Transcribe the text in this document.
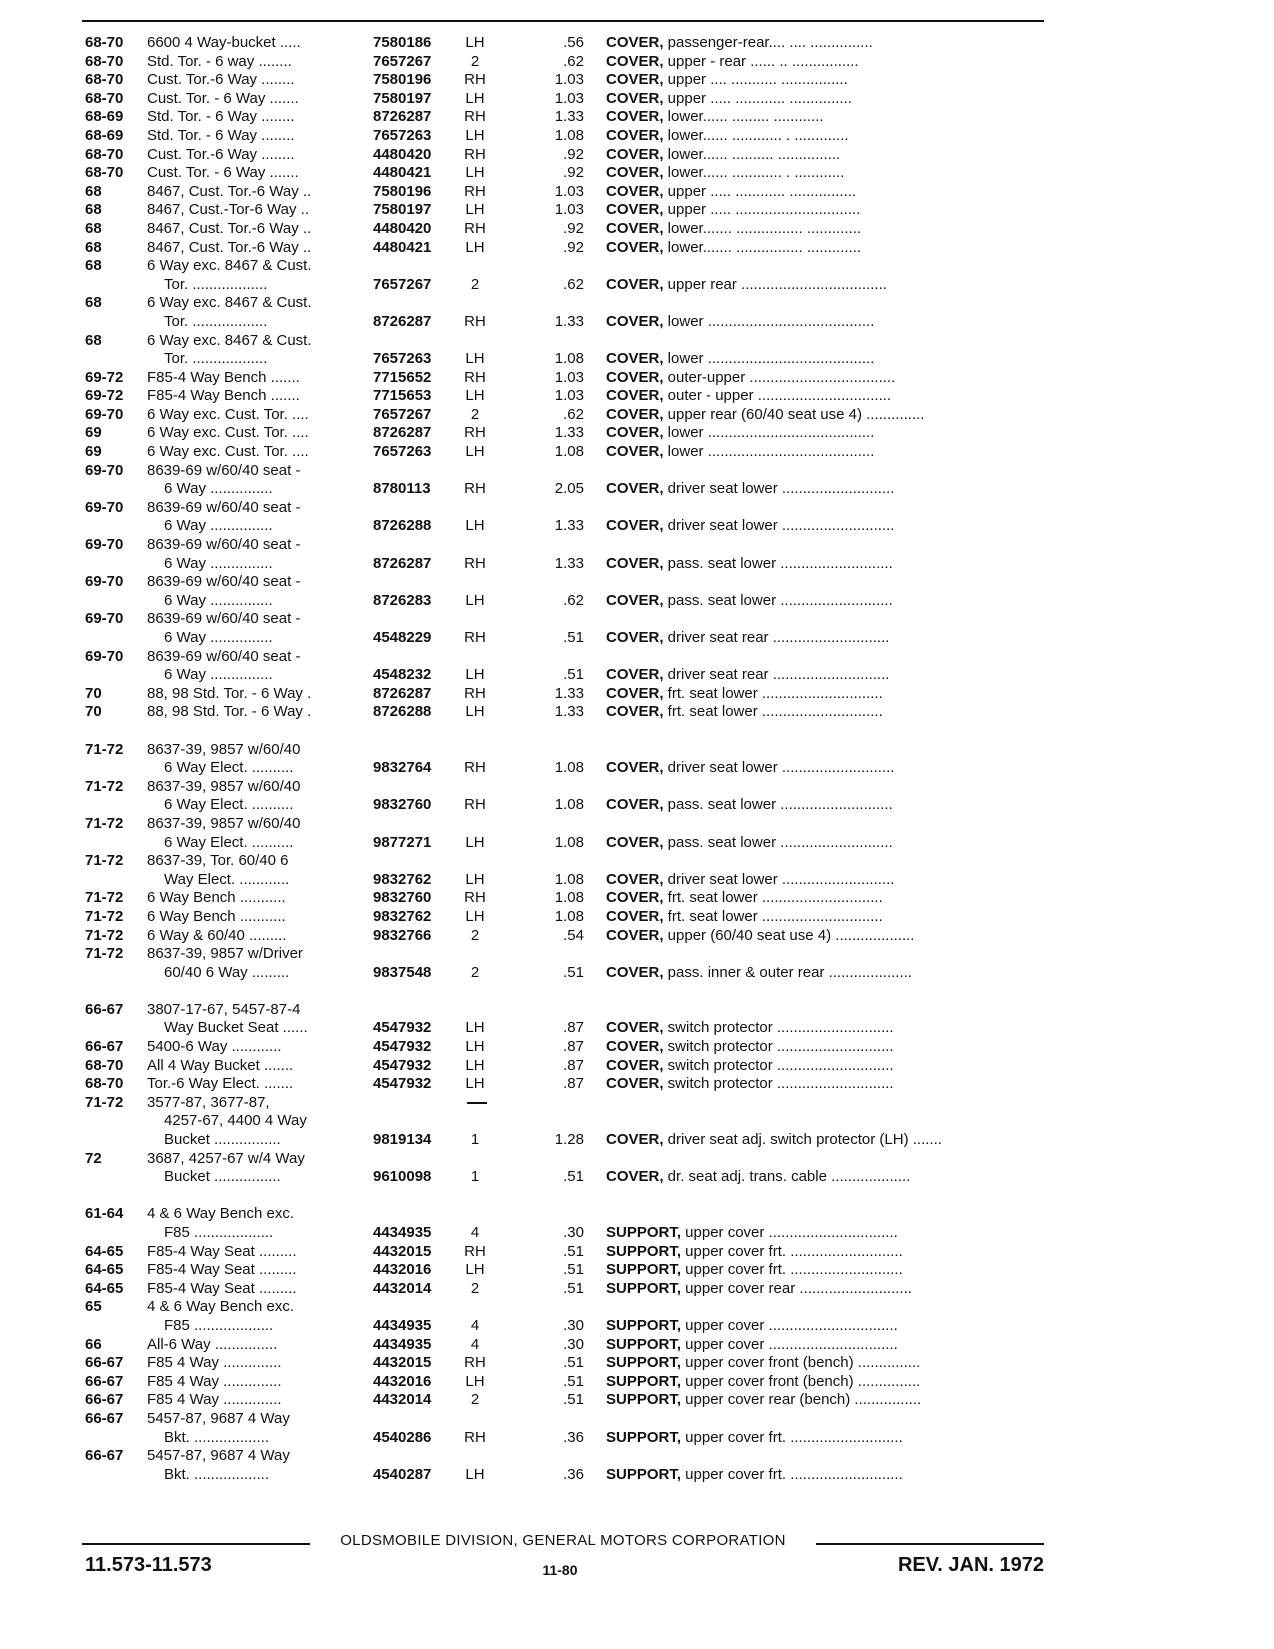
68-70	6600 4 Way-bucket .....	7580186	LH	.56 COVER, passenger-rear.... .... ...............
68-70	Std. Tor. - 6 way ........	7657267	2	.62 COVER, upper - rear ...... .. ................
68-70	Cust. Tor.-6 Way ........	7580196	RH	1.03 COVER, upper .... ........... ................
68-70	Cust. Tor. - 6 Way .......	7580197	LH	1.03 COVER, upper ..... ............ ...............
68-69	Std. Tor. - 6 Way ........	8726287	RH	1.33 COVER, lower...... ......... ............
68-69	Std. Tor. - 6 Way ........	7657263	LH	1.08 COVER, lower...... ............ . .............
68-70	Cust. Tor.-6 Way ........	4480420	RH	.92 COVER, lower...... .......... ...............
68-70	Cust. Tor. - 6 Way .......	4480421	LH	.92 COVER, lower...... ............ . ............
68	8467, Cust. Tor.-6 Way ..	7580196	RH	1.03 COVER, upper ..... ............ ................
68	8467, Cust.-Tor-6 Way ..	7580197	LH	1.03 COVER, upper ..... ..............................
68	8467, Cust. Tor.-6 Way ..	4480420	RH	.92 COVER, lower....... ................ .............
68	8467, Cust. Tor.-6 Way ..	4480421	LH	.92 COVER, lower....... ................ .............
68	6 Way exc. 8467 & Cust.
Tor. ..................	7657267	2	.62 COVER, upper rear ...................................
68	6 Way exc. 8467 & Cust.
Tor. ..................	8726287	RH	1.33 COVER, lower ........................................
68	6 Way exc. 8467 & Cust.
Tor. ..................	7657263	LH	1.08 COVER, lower ........................................
69-72	F85-4 Way Bench .......	7715652	RH	1.03 COVER, outer-upper ...................................
69-72	F85-4 Way Bench .......	7715653	LH	1.03 COVER, outer - upper ................................
69-70	6 Way exc. Cust. Tor. ....	7657267	2	.62 COVER, upper rear (60/40 seat use 4) ..............
69	6 Way exc. Cust. Tor. ....	8726287	RH	1.33 COVER, lower ........................................
69	6 Way exc. Cust. Tor. ....	7657263	LH	1.08 COVER, lower ........................................
69-70	8639-69 w/60/40 seat -
6 Way ...............	8780113	RH	2.05 COVER, driver seat lower ...........................
69-70	8639-69 w/60/40 seat -
6 Way ...............	8726288	LH	1.33 COVER, driver seat lower ...........................
69-70	8639-69 w/60/40 seat -
6 Way ...............	8726287	RH	1.33 COVER, pass. seat lower ...........................
69-70	8639-69 w/60/40 seat -
6 Way ...............	8726283	LH	.62 COVER, pass. seat lower ...........................
69-70	8639-69 w/60/40 seat -
6 Way ...............	4548229	RH	.51 COVER, driver seat rear ............................
69-70	8639-69 w/60/40 seat -
6 Way ...............	4548232	LH	.51 COVER, driver seat rear ............................
70	88, 98 Std. Tor. - 6 Way .	8726287	RH	1.33 COVER, frt. seat lower .............................
70	88, 98 Std. Tor. - 6 Way .	8726288	LH	1.33 COVER, frt. seat lower .............................
71-72	8637-39, 9857 w/60/40
6 Way Elect. ..........	9832764	RH	1.08 COVER, driver seat lower ...........................
71-72	8637-39, 9857 w/60/40
6 Way Elect. ..........	9832760	RH	1.08 COVER, pass. seat lower ...........................
71-72	8637-39, 9857 w/60/40
6 Way Elect. ..........	9877271	LH	1.08 COVER, pass. seat lower ...........................
71-72	8637-39, Tor. 60/40 6
Way Elect. ............	9832762	LH	1.08 COVER, driver seat lower ...........................
71-72	6 Way Bench ...........	9832760	RH	1.08 COVER, frt. seat lower .............................
71-72	6 Way Bench ...........	9832762	LH	1.08 COVER, frt. seat lower .............................
71-72	6 Way & 60/40 .........	9832766	2	.54 COVER, upper (60/40 seat use 4) ...................
71-72	8637-39, 9857 w/Driver
60/40 6 Way .........	9837548	2	.51 COVER, pass. inner & outer rear ....................
66-67	3807-17-67, 5457-87-4
Way Bucket Seat ......	4547932	LH	.87 COVER, switch protector ............................
66-67	5400-6 Way ............	4547932	LH	.87 COVER, switch protector ............................
68-70	All 4 Way Bucket .......	4547932	LH	.87 COVER, switch protector ............................
68-70	Tor.-6 Way Elect. .......	4547932	LH	.87 COVER, switch protector ............................
71-72	3577-87, 3677-87,
4257-67, 4400 4 Way
Bucket ................	9819134	1	1.28 COVER, driver seat adj. switch protector (LH) .......
72	3687, 4257-67 w/4 Way
Bucket ................	9610098	1	.51 COVER, dr. seat adj. trans. cable ...................
61-64	4 & 6 Way Bench exc.
F85 ...................	4434935	4	.30 SUPPORT, upper cover ...............................
64-65	F85-4 Way Seat .........	4432015	RH	.51 SUPPORT, upper cover frt. ...........................
64-65	F85-4 Way Seat .........	4432016	LH	.51 SUPPORT, upper cover frt. ...........................
64-65	F85-4 Way Seat .........	4432014	2	.51 SUPPORT, upper cover rear ...........................
65	4 & 6 Way Bench exc.
F85 ...................	4434935	4	.30 SUPPORT, upper cover ...............................
66	All-6 Way ...............	4434935	4	.30 SUPPORT, upper cover ...............................
66-67	F85 4 Way ..............	4432015	RH	.51 SUPPORT, upper cover front (bench) ...............
66-67	F85 4 Way ..............	4432016	LH	.51 SUPPORT, upper cover front (bench) ...............
66-67	F85 4 Way ..............	4432014	2	.51 SUPPORT, upper cover rear (bench) ................
66-67	5457-87, 9687 4 Way
Bkt. ..................	4540286	RH	.36 SUPPORT, upper cover frt. ...........................
66-67	5457-87, 9687 4 Way
Bkt. ..................	4540287	LH	.36 SUPPORT, upper cover frt. ...........................
OLDSMOBILE DIVISION, GENERAL MOTORS CORPORATION
11.573-11.573	11-80	REV. JAN. 1972
